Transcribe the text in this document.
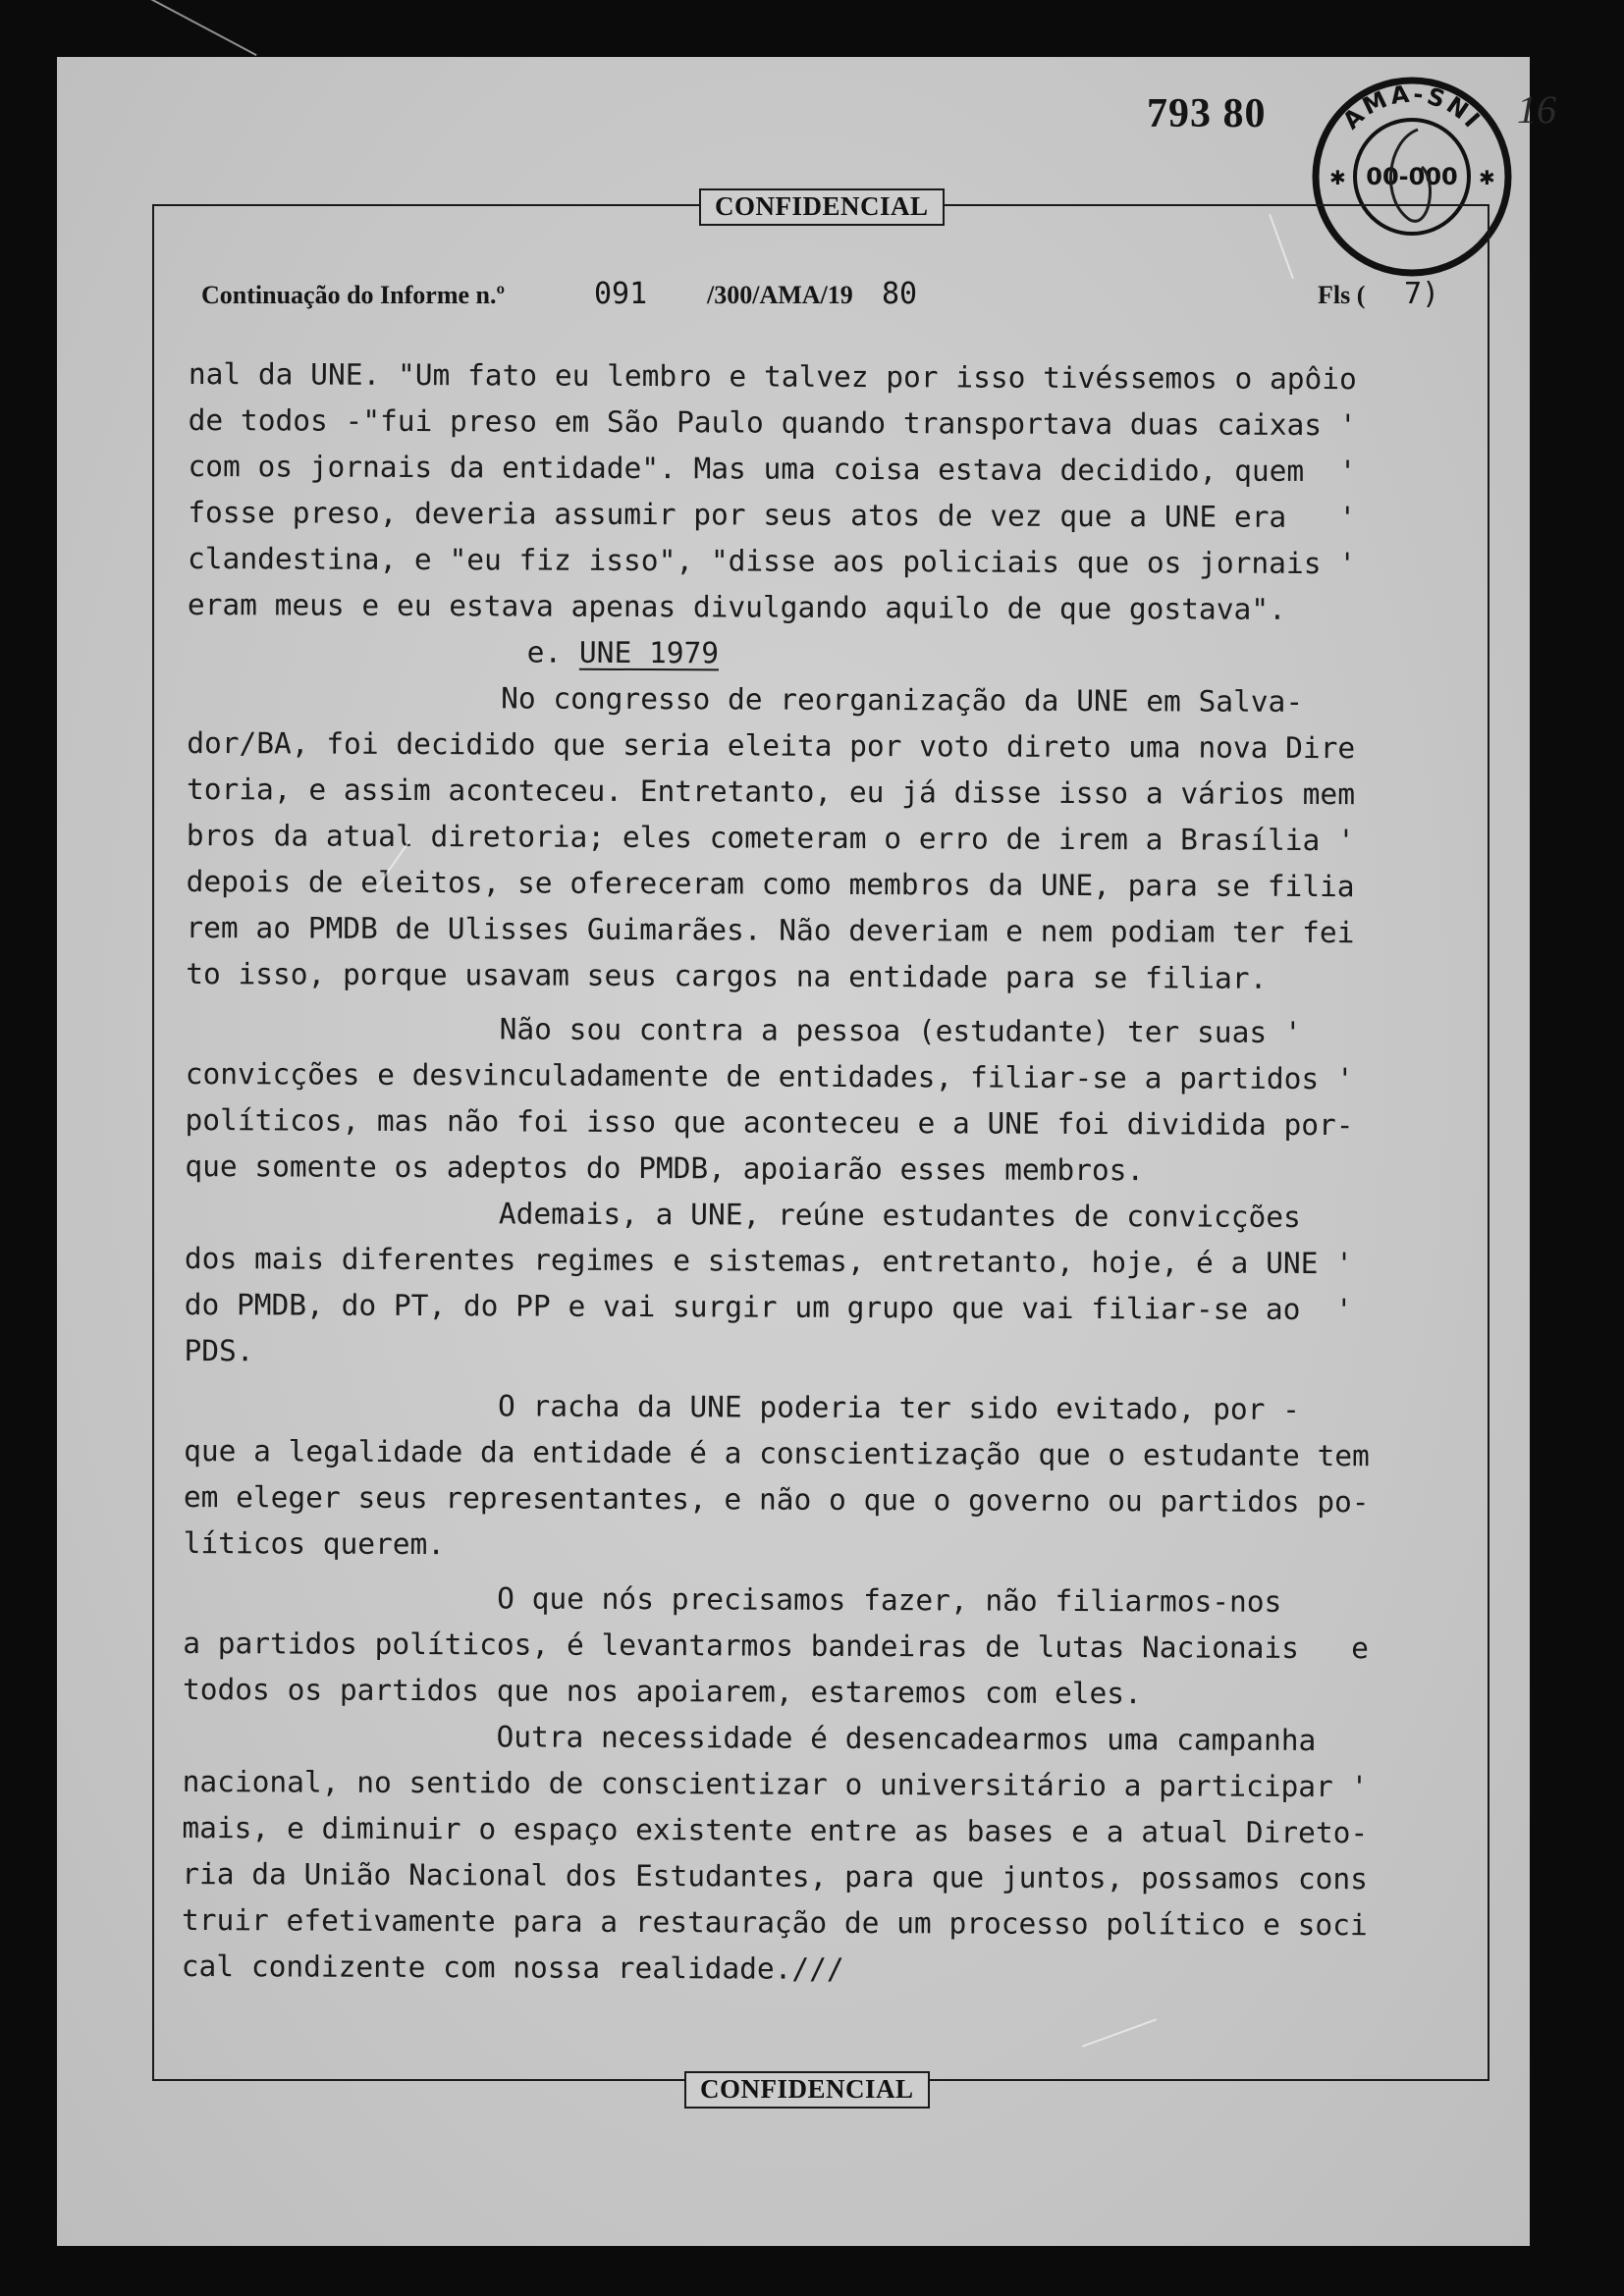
793 80	16
AMA-SNI
00-000
✱	✱
CONFIDENCIAL
CONFIDENCIAL
Continuação do Informe n.º	091 /300/AMA/19 80	Fls ( 7)

nal da UNE. "Um fato eu lembro e talvez por isso tivéssemos o apôio

de todos -"fui preso em São Paulo quando transportava duas caixas '

com os jornais da entidade". Mas uma coisa estava decidido, quem  '

fosse preso, deveria assumir por seus atos de vez que a UNE era   '

clandestina, e "eu fiz isso", "disse aos policiais que os jornais '

eram meus e eu estava apenas divulgando aquilo de que gostava".

e. UNE 1979

No congresso de reorganização da UNE em Salva-

dor/BA, foi decidido que seria eleita por voto direto uma nova Dire

toria, e assim aconteceu. Entretanto, eu já disse isso a vários mem

bros da atual diretoria; eles cometeram o erro de irem a Brasília '

depois de eleitos, se ofereceram como membros da UNE, para se filia

rem ao PMDB de Ulisses Guimarães. Não deveriam e nem podiam ter fei

to isso, porque usavam seus cargos na entidade para se filiar.

Não sou contra a pessoa (estudante) ter suas '

convicções e desvinculadamente de entidades, filiar-se a partidos '

políticos, mas não foi isso que aconteceu e a UNE foi dividida por-

que somente os adeptos do PMDB, apoiarão esses membros.

Ademais, a UNE, reúne estudantes de convicções

dos mais diferentes regimes e sistemas, entretanto, hoje, é a UNE '

do PMDB, do PT, do PP e vai surgir um grupo que vai filiar-se ao  '

PDS.

O racha da UNE poderia ter sido evitado, por -

que a legalidade da entidade é a conscientização que o estudante tem

em eleger seus representantes, e não o que o governo ou partidos po-

líticos querem.

O que nós precisamos fazer, não filiarmos-nos

a partidos políticos, é levantarmos bandeiras de lutas Nacionais   e

todos os partidos que nos apoiarem, estaremos com eles.

Outra necessidade é desencadearmos uma campanha

nacional, no sentido de conscientizar o universitário a participar '

mais, e diminuir o espaço existente entre as bases e a atual Direto-

ria da União Nacional dos Estudantes, para que juntos, possamos cons

truir efetivamente para a restauração de um processo político e soci

cal condizente com nossa realidade.///
